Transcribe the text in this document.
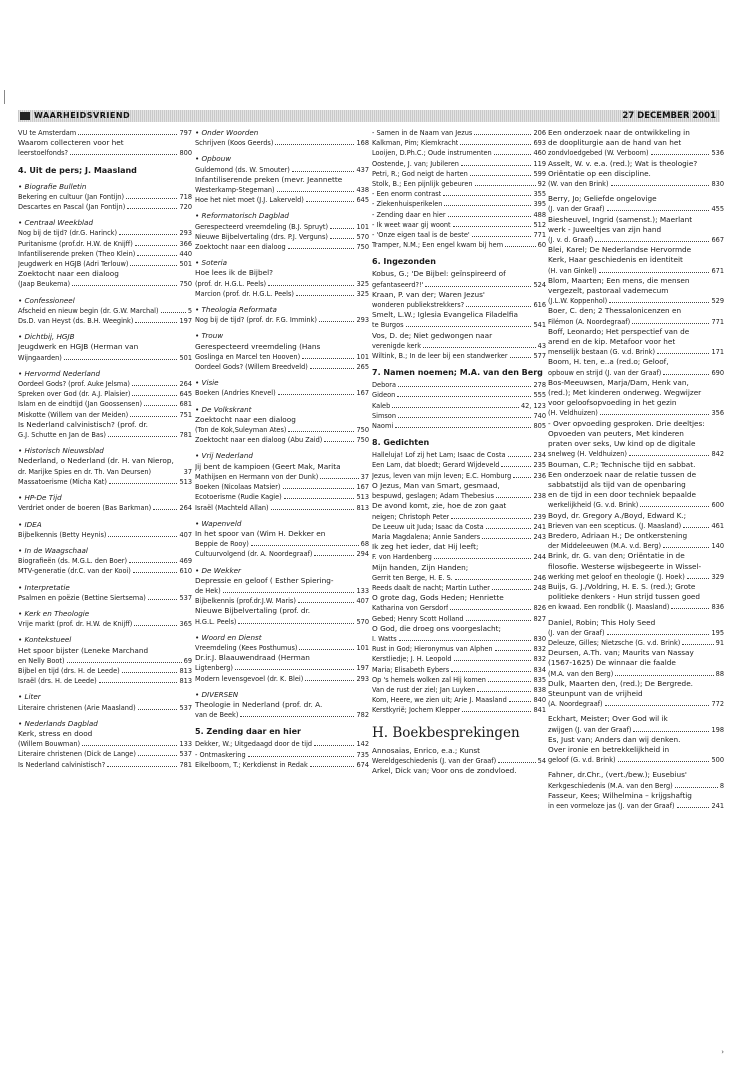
WAARHEIDSVRIEND	27 DECEMBER 2001
VU te Amsterdam	797
Waarom collecteren voor het
leerstoelfonds?	800
4. Uit de pers; J. Maasland
• Biografie Bulletin
Bekering en cultuur (Jan Fontijn)	718
Descartes en Pascal (Jan Fontijn)	720
• Centraal Weekblad
Nog bij de tijd? (dr.G. Harinck)	293
Puritanisme (prof.dr. H.W. de Knijff)	366
Infantiliserende preken (Theo Klein)	440
Jeugdwerk en HGJB (Adri Terlouw)	501
Zoektocht naar een dialoog
(Jaap Beukema)	750
• Confessioneel
Afscheid en nieuw begin (dr. G.W. Marchal)	5
Ds.D. van Heyst (ds. B.H. Weegink)	197
• Dichtbij, HGJB
Jeugdwerk en HGJB (Herman van
Wijngaarden)	501
• Hervormd Nederland
Oordeel Gods? (prof. Auke Jelsma)	264
Spreken over God (dr. A.J. Plaisier)	645
Islam en de eindtijd (Jan Goossensen)	681
Miskotte (Willem van der Meiden)	751
Is Nederland calvinistisch? (prof. dr.
G.J. Schutte en Jan de Bas)	781
• Historisch Nieuwsblad
Nederland, o Nederland (dr. H. van Nierop,
dr. Marijke Spies en dr. Th. Van Deursen)	37
Massatoerisme (Micha Kat)	513
• HP-De Tijd
Verdriet onder de boeren (Bas Barkman)	264
• IDEA
Bijbelkennis (Betty Heynis)	407
• In de Waagschaal
Biografieën (ds. M.G.L. den Boer)	469
MTV-generatie (dr.C. van der Kooi)	610
• Interpretatie
Psalmen en poëzie (Bettine Siertsema)	537
• Kerk en Theologie
Vrije markt (prof. dr. H.W. de Knijff)	365
• Kontekstueel
Het spoor bijster (Leneke Marchand
en Nelly Boot)	69
Bijbel en tijd (drs. H. de Leede)	813
Israël (drs. H. de Leede)	813
• Liter
Literaire christenen (Arie Maasland)	537
• Nederlands Dagblad
Kerk, stress en dood
(Willem Bouwman)	133
Literaire christenen (Dick de Lange)	537
Is Nederland calvinistisch?	781
• Onder Woorden
Schrijven (Koos Geerds)	168
• Opbouw
Guldemond (ds. W. Smouter)	437
Infantiliserende preken (mevr. Jeannette
Westerkamp-Stegeman)	438
Hoe het niet moet (J.J. Lakerveld)	645
• Reformatorisch Dagblad
Gerespecteerd vreemdeling (B.J. Spruyt)	101
Nieuwe Bijbelvertaling (drs. P.J. Verguns)	570
Zoektocht naar een dialoog	750
• Soteria
Hoe lees ik de Bijbel?
(prof. dr. H.G.L. Peels)	325
Marcion (prof. dr. H.G.L. Peels)	325
• Theologia Reformata
Nog bij de tijd? (prof. dr. F.G. Immink)	293
• Trouw
Gerespecteerd vreemdeling (Hans
Goslinga en Marcel ten Hooven)	101
Oordeel Gods? (Willem Breedveld)	265
• Visie
Boeken (Andries Knevel)	167
• De Volkskrant
Zoektocht naar een dialoog
(Ton de Kok,Suleyman Ates)	750
Zoektocht naar een dialoog (Abu Zaid)	750
• Vrij Nederland
Jij bent de kampioen (Geert Mak, Marita
Mathijsen en Hermann von der Dunk)	37
Boeken (Nicolaas Matsier)	167
Ecotoerisme (Rudie Kagie)	513
Israël (Machteld Allan)	813
• Wapenveld
In het spoor van (Wim H. Dekker en
Beppie de Rooy)	68
Cultuurvolgend (dr. A. Noordegraaf)	294
• De Wekker
Depressie en geloof ( Esther Spiering-
de Hek)	133
Bijbelkennis (prof.dr.J.W. Maris)	407
Nieuwe Bijbelvertaling (prof. dr.
H.G.L. Peels)	570
• Woord en Dienst
Vreemdeling (Kees Posthumus)	101
Dr.ir.J. Blaauwendraad (Herman
Ligtenberg)	197
Modern levensgevoel (dr. K. Blei)	293
• DIVERSEN
Theologie in Nederland (prof. dr. A.
van de Beek)	782
5. Zending daar en hier
Dekker, W.; Uitgedaagd door de tijd	142
- Ontmaskering	735
Eikelboom, T.; Kerkdienst in Redak	674
- Samen in de Naam van Jezus	206
Kalkman, Pim; Kiemkracht	693
Looijen, D.Ph.C.; Oude instrumenten	460
Oostende, J. van; Jubileren	119
Petri, R.; God neigt de harten	599
Stolk, B.; Een pijnlijk gebeuren	92
- Een enorm contrast	355
- Ziekenhuisperikelen	395
- Zending daar en hier	488
- Ik weet waar gij woont	512
- 'Onze eigen taal is de beste'	771
Tramper, N.M.; Een engel kwam bij hem	60
6. Ingezonden
Kobus, G.; 'De Bijbel: geïnspireerd of
gefantaseerd?!'	524
Kraan, P. van der; Waren Jezus'
wonderen publiekstrekkers?	616
Smelt, L.W.; Iglesia Evangelica Filadelfia
te Burgos	541
Vos, D. de; Niet gedwongen naar
verenigde kerk	43
Wiltink, B.; In de leer bij een standwerker	577
7. Namen noemen; M.A. van den Berg
Debora	278
Gideon	555
Kaleb	42, 123
Simson	740
Naomi	805
8. Gedichten
Halleluja! Lof zij het Lam; Isaac de Costa	234
Een Lam, dat bloedt; Gerard Wijdeveld	235
Jezus, leven van mijn leven; E.C. Homburg	236
O Jezus, Man van Smart, gesmaad,
bespuwd, geslagen; Adam Thebesius	238
De avond komt, zie, hoe de zon gaat
neigen; Christoph Peter	239
De Leeuw uit Juda; Isaac da Costa	241
Maria Magdalena; Annie Sanders	243
Ik zeg het ieder, dat Hij leeft;
F. von Hardenberg	244
Mijn handen, Zijn Handen;
Gerrit ten Berge, H. E. S.	246
Reeds daalt de nacht; Martin Luther	248
O grote dag, Gods Heden; Henriette
Katharina von Gersdorf	826
Gebed; Henry Scott Holland	827
O God, die droeg ons voorgeslacht;
I. Watts	830
Rust in God; Hieronymus van Alphen	832
Kerstliedje; J. H. Leopold	832
Maria; Elisabeth Eybers	834
Op 's hemels wolken zal Hij komen	835
Van de rust der ziel; Jan Luyken	838
Kom, Heere, we zien uit; Arie J. Maasland	840
Kerstkyrië; Jochem Klepper	841
H. Boekbesprekingen
Annosaias, Enrico, e.a.; Kunst
Wereldgeschiedenis (J. van der Graaf)	54
Arkel, Dick van; Voor ons de zondvloed.
Een onderzoek naar de ontwikkeling in
de doopliturgie aan de hand van het
zondvloedgebed (W. Verboom)	536
Asselt, W. v. e.a. (red.); Wat is theologie?
Oriëntatie op een discipline.
(W. van den Brink)	830
Berry, Jo; Geliefde ongelovige
(J. van der Graaf)	455
Biesheuvel, Ingrid (samenst.); Maerlant
werk - Juweeltjes van zijn hand
(J. v. d. Graaf)	667
Blei, Karel; De Nederlandse Hervormde
Kerk, Haar geschiedenis en identiteit
(H. van Ginkel)	671
Blom, Maarten; Een mens, die mensen
vergezelt, pastoraal vademecum
(J.L.W. Koppenhol)	529
Boer, C. den; 2 Thessalonicenzen en
Filémon (A. Noordegraaf)	771
Boff, Leonardo; Het perspectief van de
arend en de kip. Metafoor voor het
menselijk bestaan (G. v.d. Brink)	171
Boom, H. ten, e..a (red.o; Geloof,
opbouw en strijd (J. van der Graaf)	690
Bos-Meeuwsen, Marja/Dam, Henk van,
(red.); Met kinderen onderweg. Wegwijzer
voor geloofsopvoeding in het gezin
(H. Veldhuizen)	356
- Over opvoeding gesproken. Drie deeltjes:
Opvoeden van peuters, Met kinderen
praten over seks, Uw kind op de digitale
snelweg (H. Veldhuizen)	842
Bouman, C.P.; Technische tijd en sabbat.
Een onderzoek naar de relatie tussen de
sabbatstijd als tijd van de openbaring
en de tijd in een door techniek bepaalde
werkelijkheid (G. v.d. Brink)	600
Boyd, dr. Gregory A./Boyd, Edward K.;
Brieven van een scepticus. (J. Maasland)	461
Bredero, Adriaan H.; De ontkerstening
der Middeleeuwen (M.A. v.d. Berg)	140
Brink, dr. G. van den; Oriëntatie in de
filosofie. Westerse wijsbegeerte in Wissel-
werking met geloof en theologie (J. Hoek)	329
Buijs, G. J./Voldring, H. E. S. (red.); Grote
politieke denkers - Hun strijd tussen goed
en kwaad. Een rondblik (J. Maasland)	836
Daniel, Robin; This Holy Seed
(J. van der Graaf)	195
Deleuze, Gilles; Nietzsche (G. v.d. Brink)	91
Deursen, A.Th. van; Maurits van Nassay
(1567-1625) De winnaar die faalde
(M.A. van den Berg)	88
Dulk, Maarten den, (red.); De Bergrede.
Steunpunt van de vrijheid
(A. Noordegraaf)	772
Eckhart, Meister; Over God wil ik
zwijgen (J. van der Graaf)	198
Es, Just van; Anders dan wij denken.
Over ironie en betrekkelijkheid in
geloof (G. v.d. Brink)	500
Fahner, dr.Chr., (vert./bew.); Eusebius'
Kerkgeschiedenis (M.A. van den Berg)	8
Fasseur, Kees; Wilhelmina – krijgshaftig
in een vormeloze jas (J. van der Graaf)	241
›
